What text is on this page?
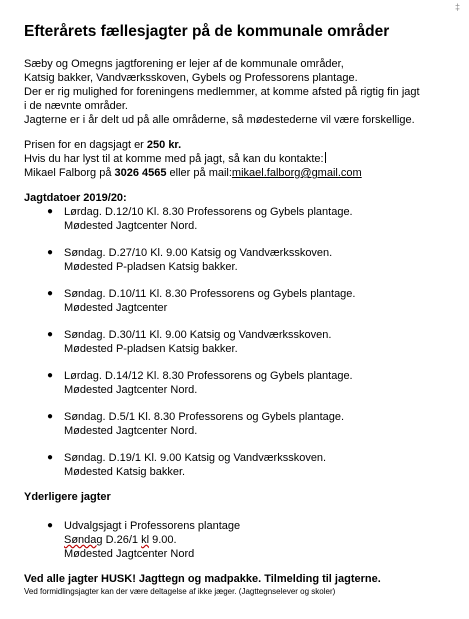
‡
Efterårets fællesjagter på de kommunale områder
Sæby og Omegns jagtforening er lejer af de kommunale områder,
Katsig bakker, Vandværksskoven, Gybels og Professorens plantage.
Der er rig mulighed for foreningens medlemmer, at komme afsted på rigtig fin jagt
i de nævnte områder.
Jagterne er i år delt ud på alle områderne, så mødestederne vil være forskellige.
Prisen for en dagsjagt er 250 kr.
Hvis du har lyst til at komme med på jagt, så kan du kontakte:
Mikael Falborg på 3026 4565 eller på mail:mikael.falborg@gmail.com
Jagtdatoer 2019/20:
● Lørdag. D.12/10 Kl. 8.30 Professorens og Gybels plantage.
Mødested Jagtcenter Nord.
● Søndag. D.27/10 Kl. 9.00 Katsig og Vandværksskoven.
Mødested P-pladsen Katsig bakker.
● Søndag. D.10/11 Kl. 8.30 Professorens og Gybels plantage.
Mødested Jagtcenter
● Søndag. D.30/11 Kl. 9.00 Katsig og Vandværksskoven.
Mødested P-pladsen Katsig bakker.
● Lørdag. D.14/12 Kl. 8.30 Professorens og Gybels plantage.
Mødested Jagtcenter Nord.
● Søndag. D.5/1 Kl. 8.30 Professorens og Gybels plantage.
Mødested Jagtcenter Nord.
● Søndag. D.19/1 Kl. 9.00 Katsig og Vandværksskoven.
Mødested Katsig bakker.
Yderligere jagter
● Udvalgsjagt i Professorens plantage
Søndag D.26/1 kl 9.00.
Mødested Jagtcenter Nord
Ved alle jagter HUSK! Jagttegn og madpakke. Tilmelding til jagterne.
Ved formidlingsjagter kan der være deltagelse af ikke jæger. (Jagttegnselever og skoler)
